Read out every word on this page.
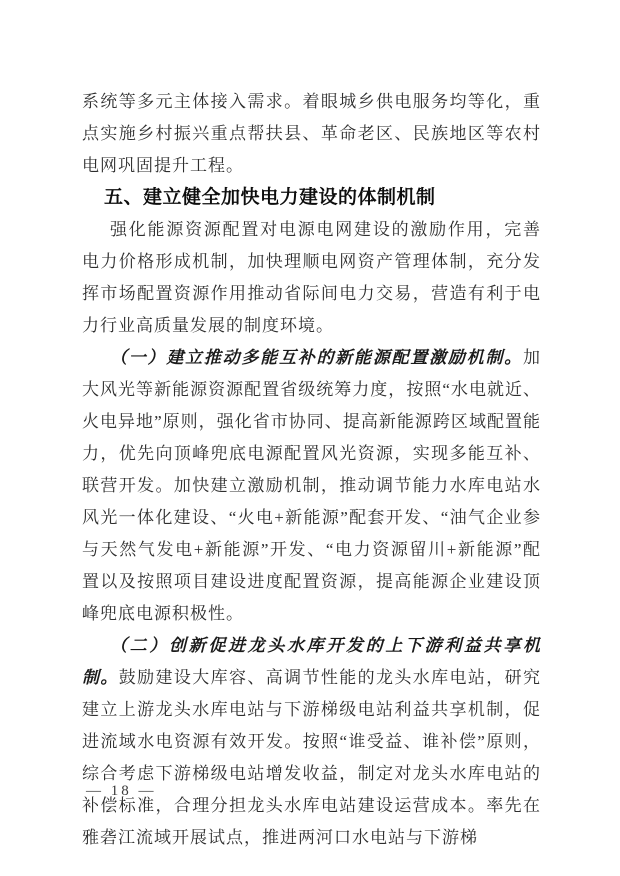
系统等多元主体接入需求。着眼城乡供电服务均等化，重点实施乡村振兴重点帮扶县、革命老区、民族地区等农村电网巩固提升工程。

五、建立健全加快电力建设的体制机制

强化能源资源配置对电源电网建设的激励作用，完善电力价格形成机制，加快理顺电网资产管理体制，充分发挥市场配置资源作用推动省际间电力交易，营造有利于电力行业高质量发展的制度环境。

（一）建立推动多能互补的新能源配置激励机制。加大风光等新能源资源配置省级统筹力度，按照“水电就近、火电异地”原则，强化省市协同、提高新能源跨区域配置能力，优先向顶峰兜底电源配置风光资源，实现多能互补、联营开发。加快建立激励机制，推动调节能力水库电站水风光一体化建设、“火电+新能源”配套开发、“油气企业参与天然气发电+新能源”开发、“电力资源留川+新能源”配置以及按照项目建设进度配置资源，提高能源企业建设顶峰兜底电源积极性。

（二）创新促进龙头水库开发的上下游利益共享机制。鼓励建设大库容、高调节性能的龙头水库电站，研究建立上游龙头水库电站与下游梯级电站利益共享机制，促进流域水电资源有效开发。按照“谁受益、谁补偿”原则，综合考虑下游梯级电站增发收益，制定对龙头水库电站的补偿标准，合理分担龙头水库电站建设运营成本。率先在雅砻江流域开展试点，推进两河口水电站与下游梯

— 18 —
